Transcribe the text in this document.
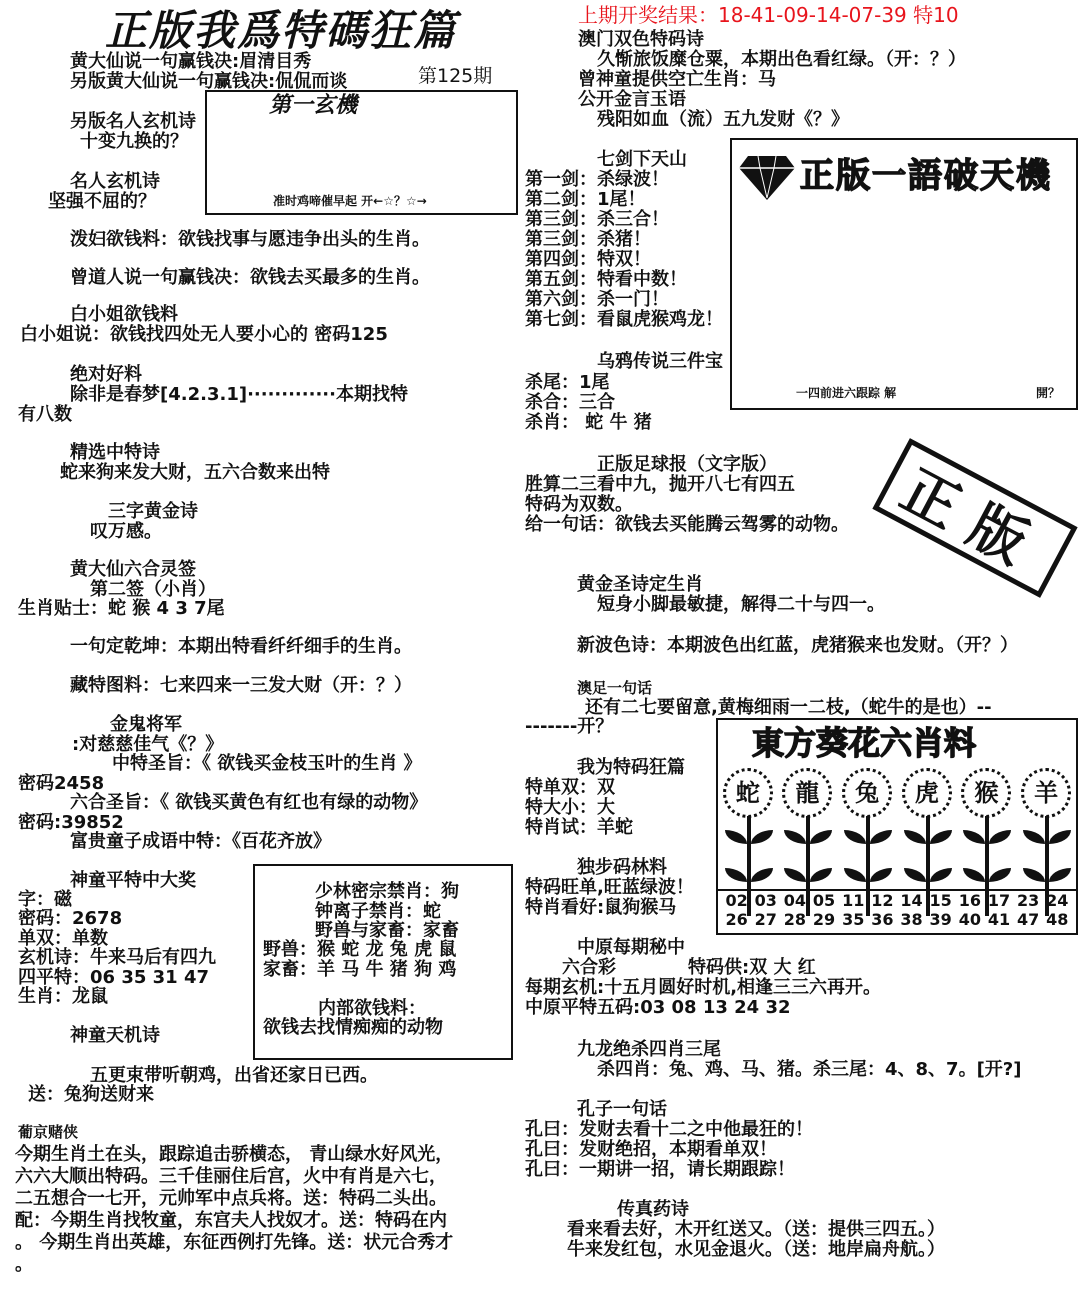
正版我爲特碼狂篇	上期开奖结果：18-41-09-14-07-39 特10
第125期
黄大仙说一句赢钱决:眉清目秀
另版黄大仙说一句赢钱决:侃侃而谈
第一玄機
准时鸡啼催早起 开←☆？☆→
另版名人玄机诗
十变九换的？
名人玄机诗
坚强不屈的？
泼妇欲钱料：欲钱找事与愿违争出头的生肖。
曾道人说一句赢钱决：欲钱去买最多的生肖。
白小姐欲钱料
白小姐说：欲钱找四处无人要小心的 密码125
绝对好料
除非是春梦[4.2.3.1]·············本期找特
有八数
精选中特诗
蛇来狗来发大财，五六合数来出特
三字黄金诗
叹万感。
黄大仙六合灵签
第二签（小肖）
生肖贴士：蛇 猴 4 3 7尾
一句定乾坤：本期出特看纤纤细手的生肖。
藏特图料：七来四来一三发大财（开：？）
金鬼将军
:对慈慈佳气《？》
中特圣旨：《 欲钱买金枝玉叶的生肖 》
密码2458
六合圣旨：《 欲钱买黄色有红也有绿的动物》
密码:39852
富贵童子成语中特：《百花齐放》
神童平特中大奖
字：磁
密码：2678
单双：单数
玄机诗：牛来马后有四九
四平特：06 35 31 47
生肖：龙鼠
神童天机诗
五更束带听朝鸡，出省还家日已西。
送：兔狗送财来
少林密宗禁肖：狗
钟离子禁肖：蛇
野兽与家畜：家畜
野兽：猴 蛇 龙 兔 虎 鼠
家畜：羊 马 牛 猪 狗 鸡
内部欲钱料：
欲钱去找情痴痴的动物
葡京赌侠
今期生肖土在头，跟踪追击骄横态， 青山绿水好风光，
六六大顺出特码。三千佳丽住后宫，火中有肖是六七，
二五想合一七开，元帅军中点兵将。送：特码二头出。
配：今期生肖找牧童，东宫夫人找奴才。送：特码在内
。 今期生肖出英雄，东征西例打先锋。送：状元合秀才
。
澳门双色特码诗
久惭旅饭糜仓粟，本期出色看红绿。（开：？）
曾神童提供空亡生肖：马
公开金言玉语
残阳如血（流）五九发财《？》
七剑下天山
第一剑：杀绿波！
第二剑：1尾！
第三剑：杀三合！
第三剑：杀猪！
第四剑：特双！
第五剑：特看中数！
第六剑：杀一门！
第七剑：看鼠虎猴鸡龙！
乌鸦传说三件宝
杀尾：1尾
杀合：三合
杀肖： 蛇 牛 猪
正版一語破天機
一四前进六跟踪 解	開？
正版足球报（文字版）
胜算二三看中九，抛开八七有四五
特码为双数。
给一句话：欲钱去买能腾云驾雾的动物。 正版
黄金圣诗定生肖
短身小脚最敏捷，解得二十与四一。
新波色诗：本期波色出红蓝，虎猪猴来也发财。（开？）
澳足一句话
还有二七要留意,黄梅细雨一二枝,（蛇牛的是也）--
-------开？	東方葵花六肖料
蛇	龍	兔	虎	猴	羊
02 03 04 05 11 12 14 15 16 17 23 24
26 27 28 29 35 36 38 39 40 41 47 48
我为特码狂篇
特单双：双
特大小：大
特肖试：羊蛇
独步码林料
特码旺单,旺蓝绿波！
特肖看好:鼠狗猴马
中原每期秘中
六合彩	特码供:双 大 红
每期玄机:十五月圆好时机,相逢三三六再开。
中原平特五码:03 08 13 24 32
九龙绝杀四肖三尾
杀四肖：兔、鸡、马、猪。杀三尾：4、8、7。[开?]
孔子一句话
孔曰：发财去看十二之中他最狂的！
孔曰：发财绝招，本期看单双！
孔曰：一期讲一招，请长期跟踪！
传真药诗
看来看去好，木开红送又。（送：提供三四五。）
牛来发红包，水见金退火。（送：地岸扁舟航。）
